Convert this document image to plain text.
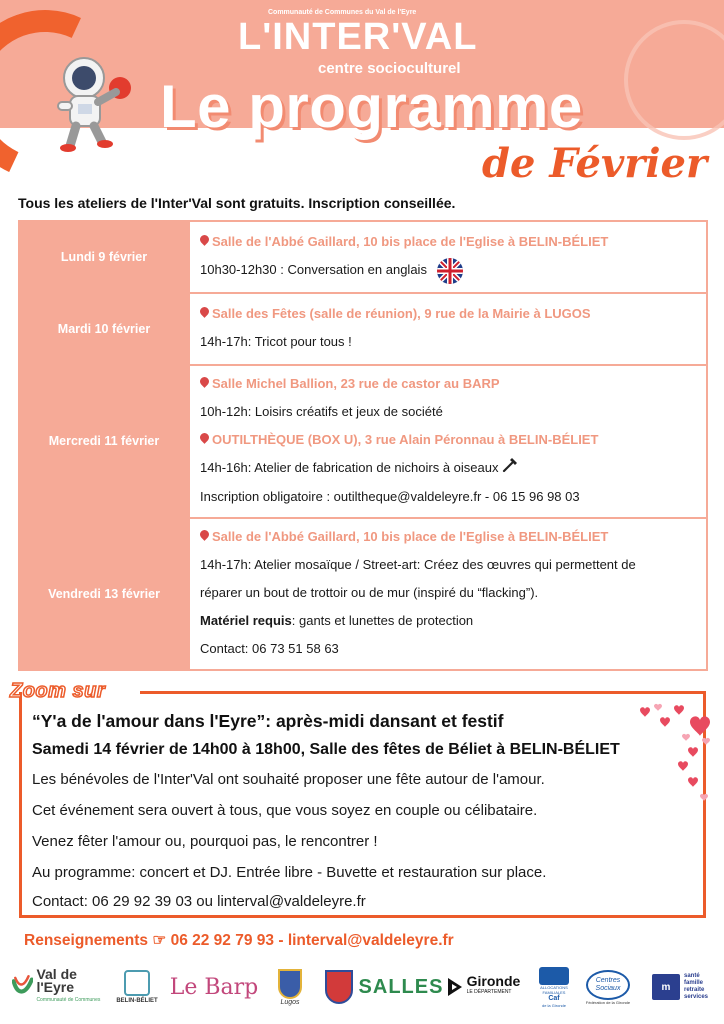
Communauté de Communes du Val de l'Eyre
L'INTER'VAL
centre socioculturel
Le programme
de Février
Tous les ateliers de l'Inter'Val sont gratuits. Inscription conseillée.
Lundi 9 février	Salle de l'Abbé Gaillard, 10 bis place de l'Eglise à BELIN-BÉLIET
10h30-12h30 : Conversation en anglais

Mardi 10 février	Salle des Fêtes (salle de réunion), 9 rue de la Mairie à LUGOS
14h-17h: Tricot pour tous !

Mercredi 11 février	Salle Michel Ballion, 23 rue de castor au BARP
10h-12h: Loisirs créatifs et jeux de société
OUTILTHÈQUE (BOX U), 3 rue Alain Péronnau à BELIN-BÉLIET
14h-16h: Atelier de fabrication de nichoirs à oiseaux
Inscription obligatoire : outiltheque@valdeleyre.fr - 06 15 96 98 03

Vendredi 13 février	Salle de l'Abbé Gaillard, 10 bis place de l'Eglise à BELIN-BÉLIET
14h-17h: Atelier mosaïque / Street-art: Créez des œuvres qui permettent de
réparer un bout de trottoir ou de mur (inspiré du “flacking”).
Matériel requis: gants et lunettes de protection
Contact: 06 73 51 58 63
Zoom sur
“Y'a de l'amour dans l'Eyre”: après-midi dansant et festif
Samedi 14 février de 14h00 à 18h00, Salle des fêtes de Béliet à BELIN-BÉLIET
Les bénévoles de l'Inter'Val ont souhaité proposer une fête autour de l'amour.
Cet événement sera ouvert à tous, que vous soyez en couple ou célibataire.
Venez fêter l'amour ou, pourquoi pas, le rencontrer !
Au programme: concert et DJ. Entrée libre - Buvette et restauration sur place.
Contact: 06 29 92 39 03 ou linterval@valdeleyre.fr
Renseignements ☞ 06 22 92 79 93 - linterval@valdeleyre.fr
Val de l'Eyre
Communauté de Communes	BELIN-BÉLIET
Le Barp
Lugos
SALLES Gironde
LE DÉPARTEMENT
ALLOCATIONS
FAMILIALES
Caf
de la Gironde
Centres Sociaux
Fédération de la Gironde
m
santé
famille
retraite
services
